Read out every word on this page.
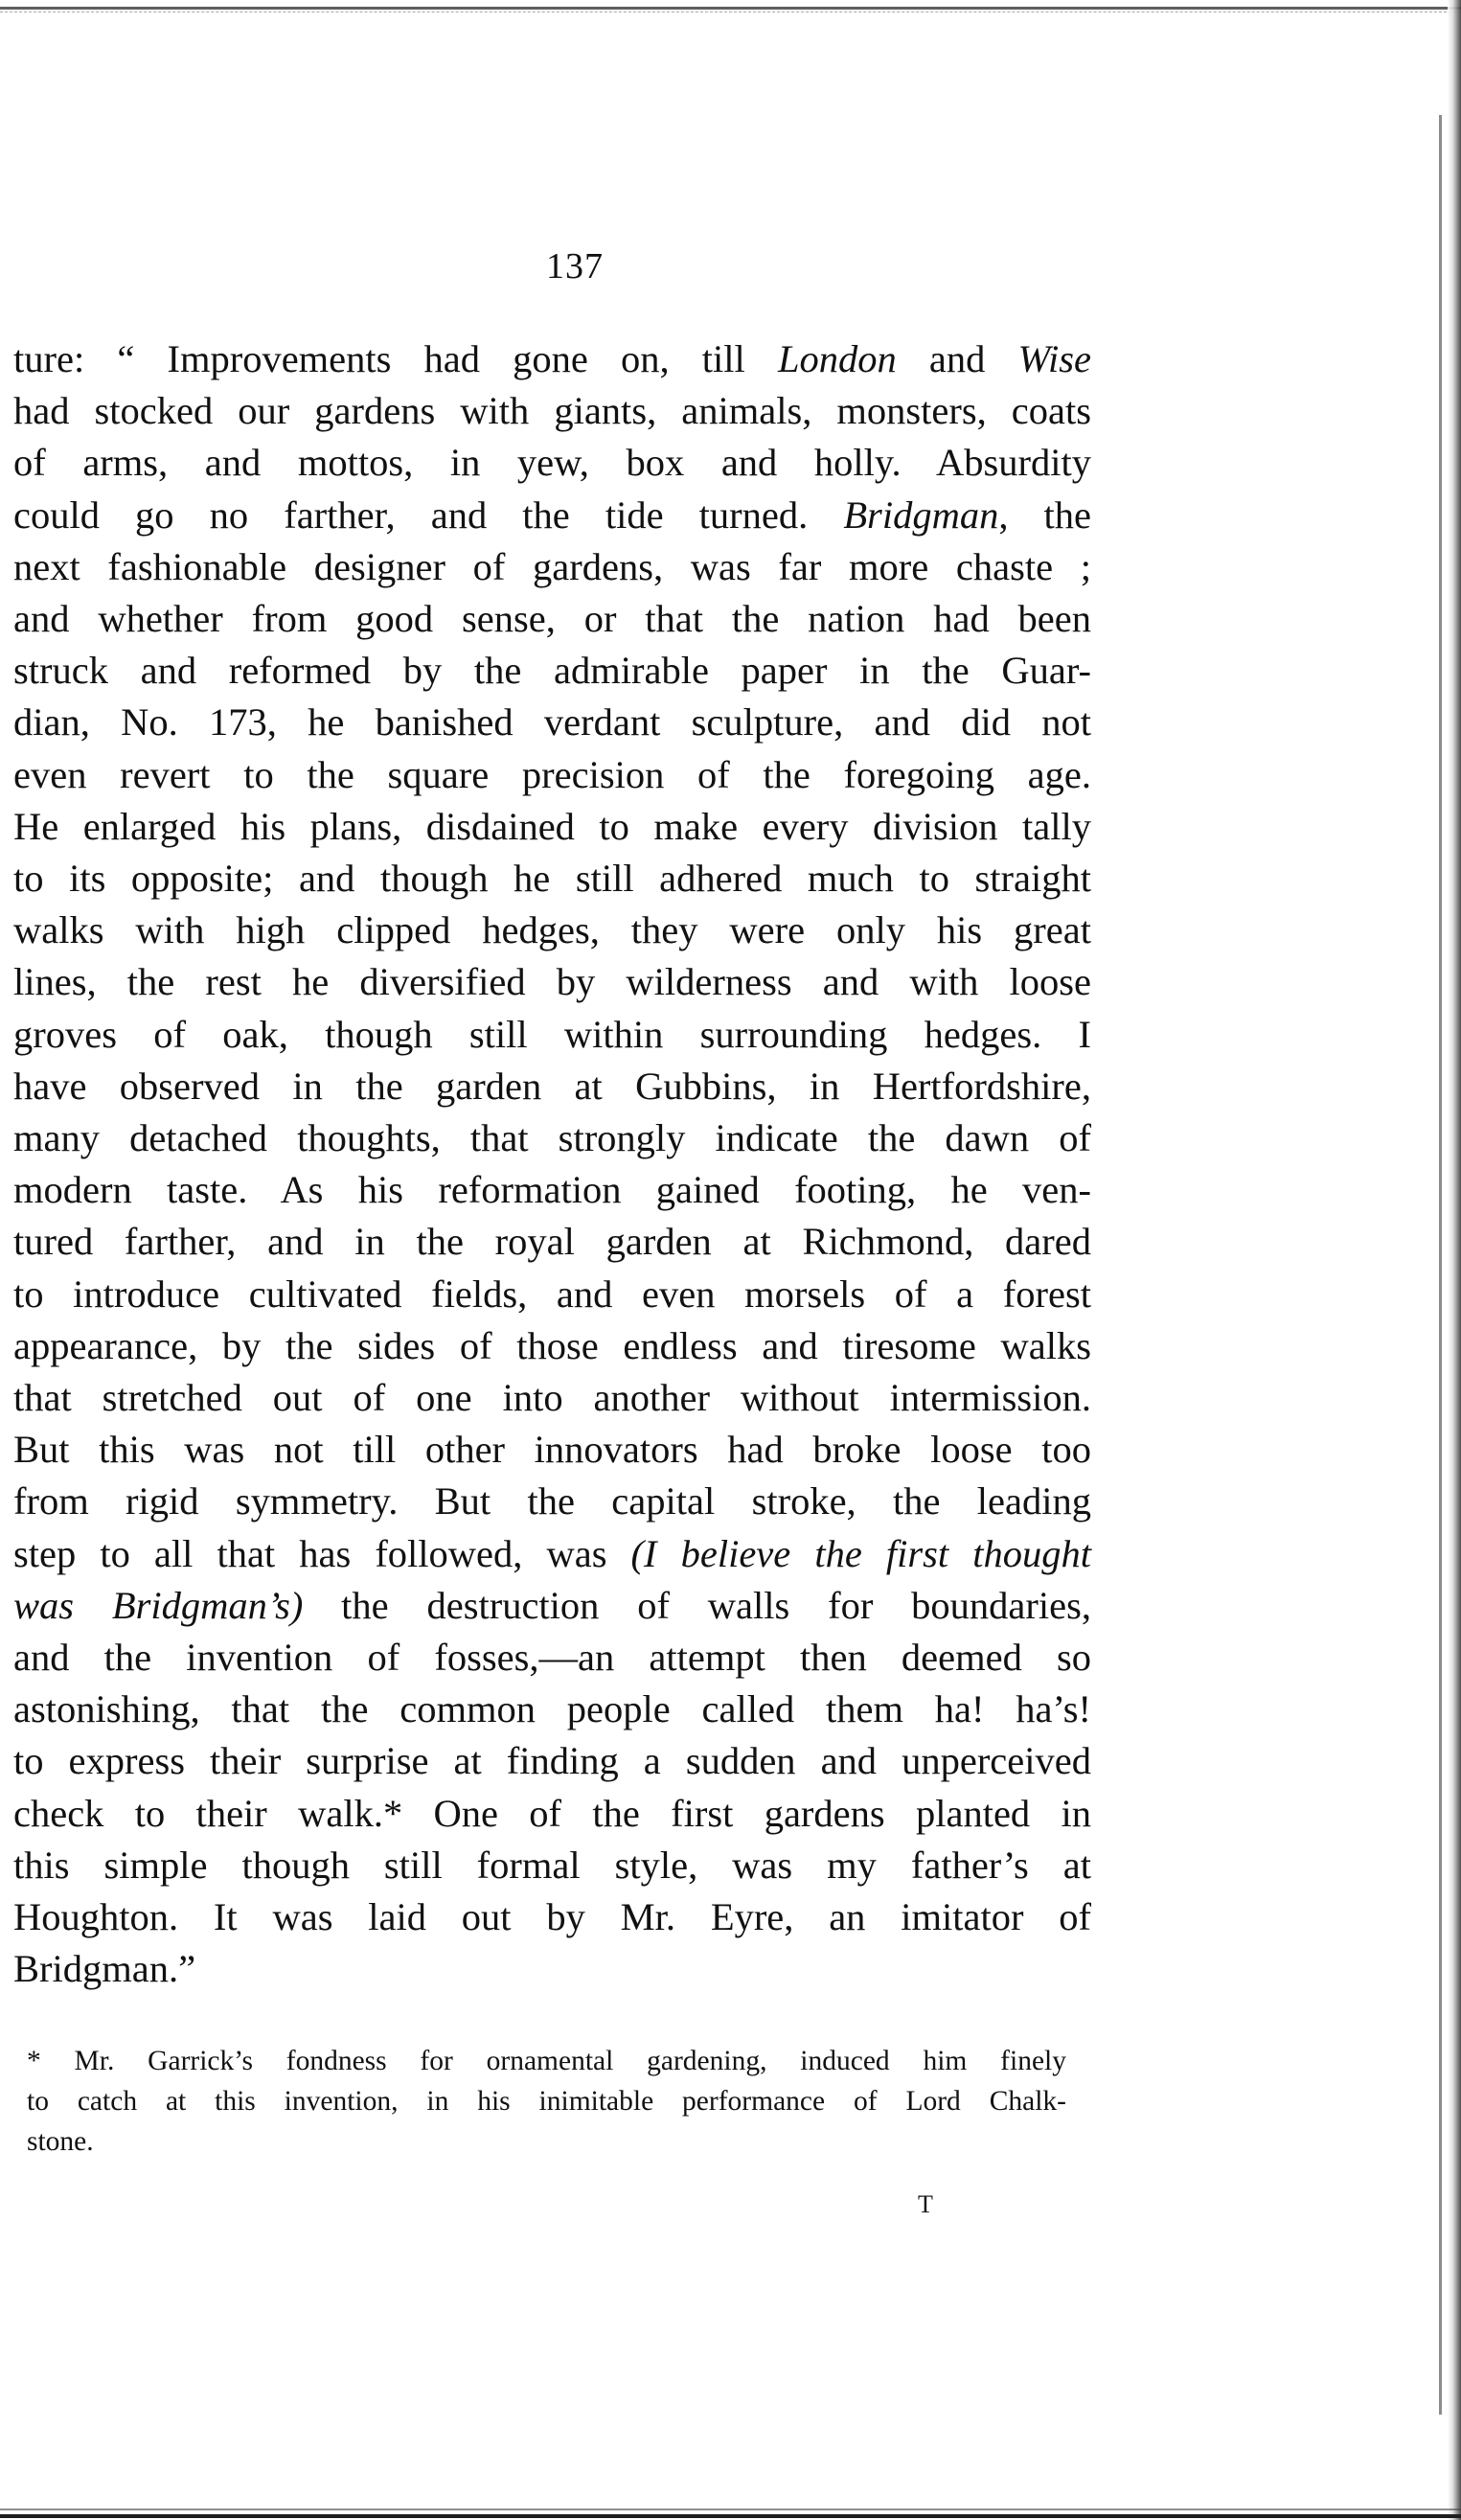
137
ture: “ Improvements had gone on, till London and Wise
had stocked our gardens with giants, animals, monsters, coats
of arms, and mottos, in yew, box and holly. Absurdity
could go no farther, and the tide turned. Bridgman, the
next fashionable designer of gardens, was far more chaste ;
and whether from good sense, or that the nation had been
struck and reformed by the admirable paper in the Guar-
dian, No. 173, he banished verdant sculpture, and did not
even revert to the square precision of the foregoing age.
He enlarged his plans, disdained to make every division tally
to its opposite; and though he still adhered much to straight
walks with high clipped hedges, they were only his great
lines, the rest he diversified by wilderness and with loose
groves of oak, though still within surrounding hedges. I
have observed in the garden at Gubbins, in Hertfordshire,
many detached thoughts, that strongly indicate the dawn of
modern taste. As his reformation gained footing, he ven-
tured farther, and in the royal garden at Richmond, dared
to introduce cultivated fields, and even morsels of a forest
appearance, by the sides of those endless and tiresome walks
that stretched out of one into another without intermission.
But this was not till other innovators had broke loose too
from rigid symmetry. But the capital stroke, the leading
step to all that has followed, was (I believe the first thought
was Bridgman’s) the destruction of walls for boundaries,
and the invention of fosses,—an attempt then deemed so
astonishing, that the common people called them ha! ha’s!
to express their surprise at finding a sudden and unperceived
check to their walk.* One of the first gardens planted in
this simple though still formal style, was my father’s at
Houghton. It was laid out by Mr. Eyre, an imitator of
Bridgman.”
* Mr. Garrick’s fondness for ornamental gardening, induced him finely
to catch at this invention, in his inimitable performance of Lord Chalk-
stone.
T
